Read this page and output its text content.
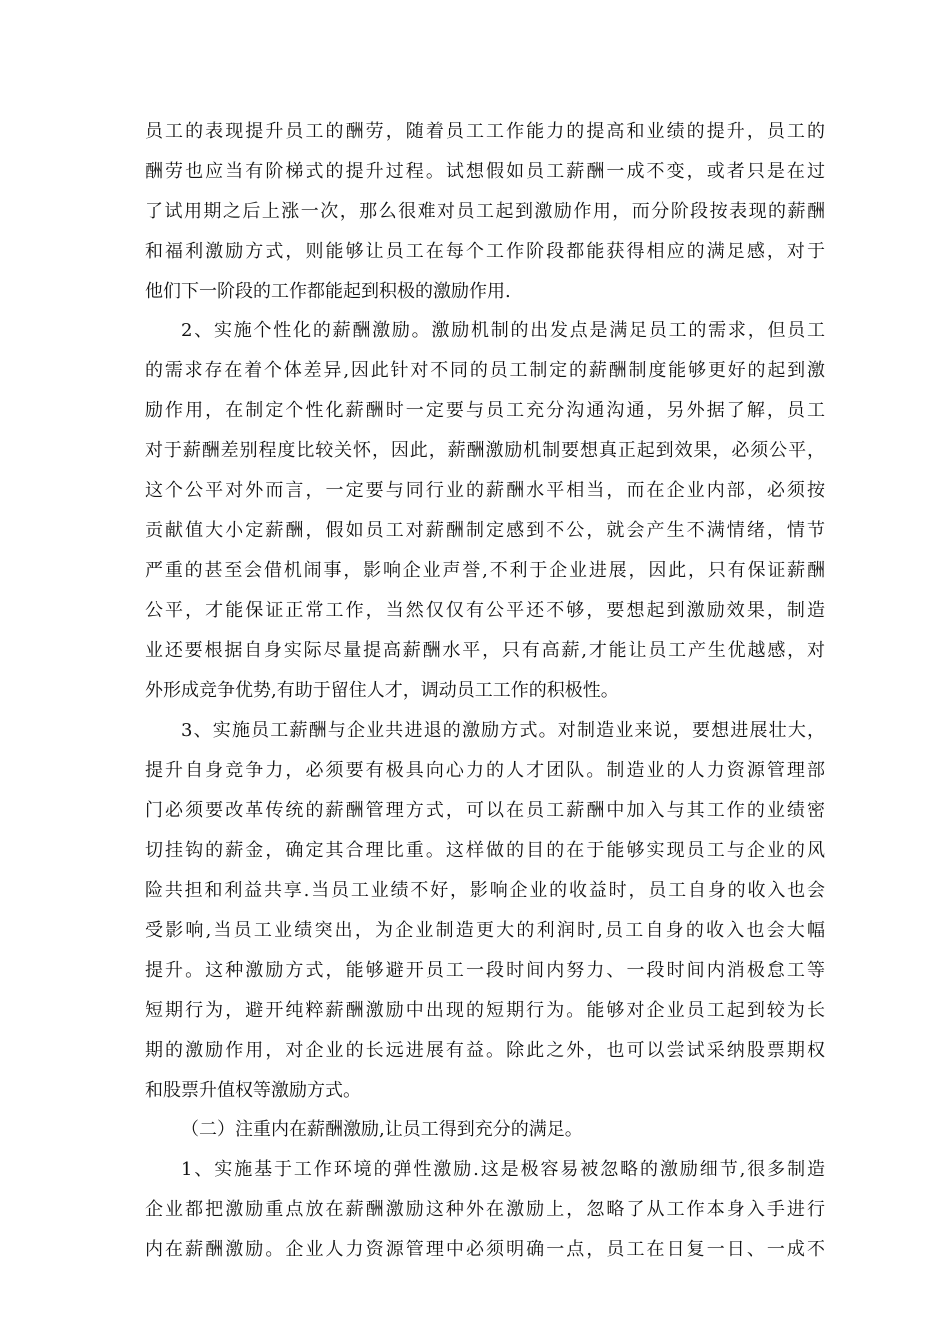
员工的表现提升员工的酬劳，随着员工工作能力的提高和业绩的提升，员工的
酬劳也应当有阶梯式的提升过程。试想假如员工薪酬一成不变，或者只是在过
了试用期之后上涨一次，那么很难对员工起到激励作用，而分阶段按表现的薪酬
和福利激励方式，则能够让员工在每个工作阶段都能获得相应的满足感，对于
他们下一阶段的工作都能起到积极的激励作用.
2、实施个性化的薪酬激励。激励机制的出发点是满足员工的需求，但员工
的需求存在着个体差异,因此针对不同的员工制定的薪酬制度能够更好的起到激
励作用，在制定个性化薪酬时一定要与员工充分沟通沟通，另外据了解，员工
对于薪酬差别程度比较关怀，因此，薪酬激励机制要想真正起到效果，必须公平，
这个公平对外而言，一定要与同行业的薪酬水平相当，而在企业内部，必须按
贡献值大小定薪酬，假如员工对薪酬制定感到不公，就会产生不满情绪，情节
严重的甚至会借机闹事，影响企业声誉,不利于企业进展，因此，只有保证薪酬
公平，才能保证正常工作，当然仅仅有公平还不够，要想起到激励效果，制造
业还要根据自身实际尽量提高薪酬水平，只有高薪,才能让员工产生优越感，对
外形成竞争优势,有助于留住人才，调动员工工作的积极性。
3、实施员工薪酬与企业共进退的激励方式。对制造业来说，要想进展壮大，
提升自身竞争力，必须要有极具向心力的人才团队。制造业的人力资源管理部
门必须要改革传统的薪酬管理方式，可以在员工薪酬中加入与其工作的业绩密
切挂钩的薪金，确定其合理比重。这样做的目的在于能够实现员工与企业的风
险共担和利益共享.当员工业绩不好，影响企业的收益时，员工自身的收入也会
受影响,当员工业绩突出，为企业制造更大的利润时,员工自身的收入也会大幅
提升。这种激励方式，能够避开员工一段时间内努力、一段时间内消极怠工等
短期行为，避开纯粹薪酬激励中出现的短期行为。能够对企业员工起到较为长
期的激励作用，对企业的长远进展有益。除此之外，也可以尝试采纳股票期权
和股票升值权等激励方式。
（二）注重内在薪酬激励,让员工得到充分的满足。
1、实施基于工作环境的弹性激励.这是极容易被忽略的激励细节,很多制造
企业都把激励重点放在薪酬激励这种外在激励上，忽略了从工作本身入手进行
内在薪酬激励。企业人力资源管理中必须明确一点，员工在日复一日、一成不
